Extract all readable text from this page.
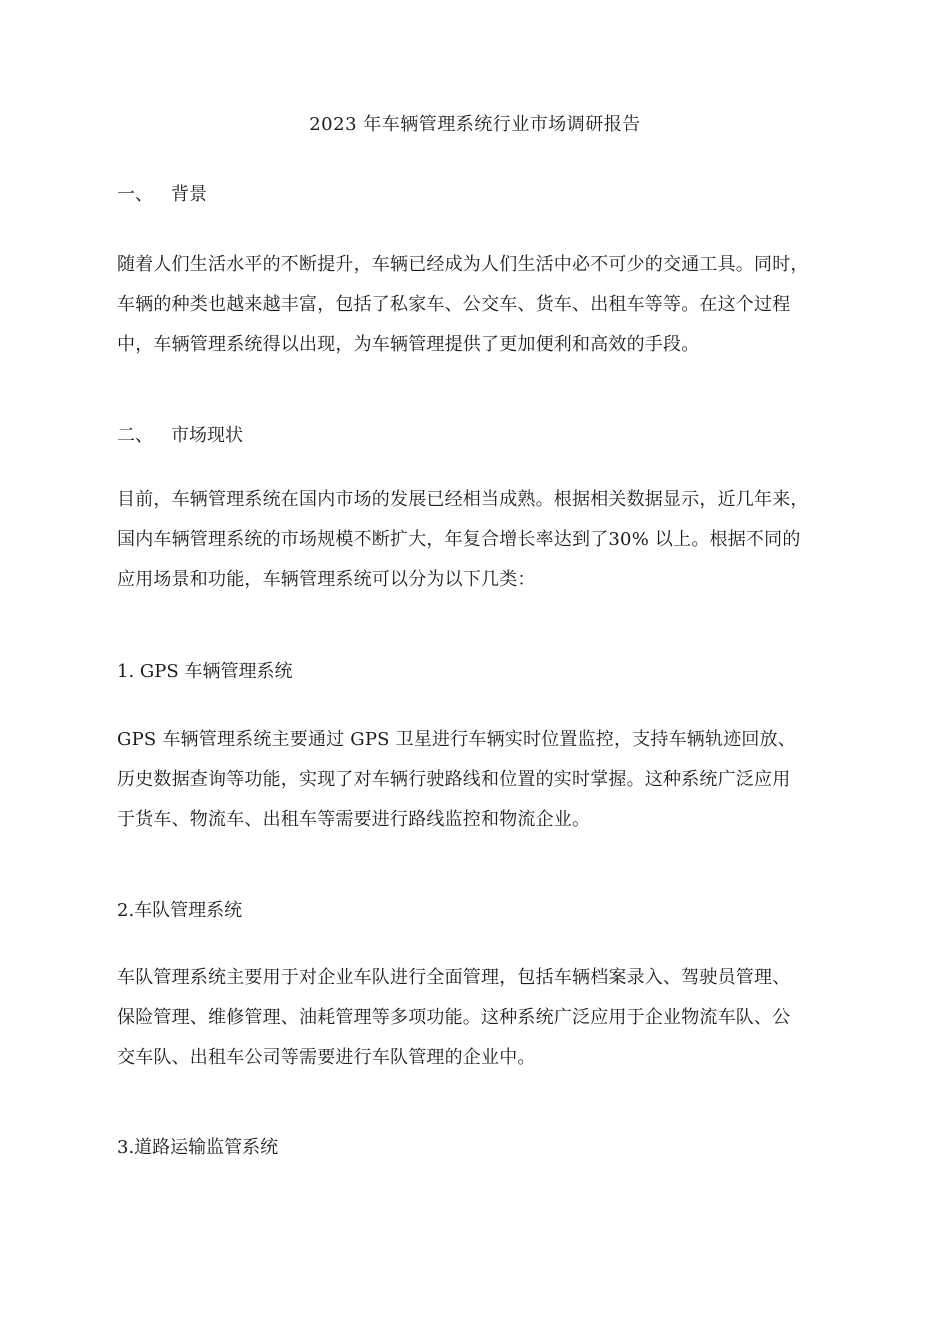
2023 年车辆管理系统行业市场调研报告
一、 背景
随着人们生活水平的不断提升，车辆已经成为人们生活中必不可少的交通工具。同时，
车辆的种类也越来越丰富，包括了私家车、公交车、货车、出租车等等。在这个过程
中，车辆管理系统得以出现，为车辆管理提供了更加便利和高效的手段。
二、 市场现状
目前，车辆管理系统在国内市场的发展已经相当成熟。根据相关数据显示，近几年来，
国内车辆管理系统的市场规模不断扩大，年复合增长率达到了30% 以上。根据不同的
应用场景和功能，车辆管理系统可以分为以下几类：
1. GPS 车辆管理系统
GPS 车辆管理系统主要通过 GPS 卫星进行车辆实时位置监控，支持车辆轨迹回放、
历史数据查询等功能，实现了对车辆行驶路线和位置的实时掌握。这种系统广泛应用
于货车、物流车、出租车等需要进行路线监控和物流企业。
2.车队管理系统
车队管理系统主要用于对企业车队进行全面管理，包括车辆档案录入、驾驶员管理、
保险管理、维修管理、油耗管理等多项功能。这种系统广泛应用于企业物流车队、公
交车队、出租车公司等需要进行车队管理的企业中。
3.道路运输监管系统
